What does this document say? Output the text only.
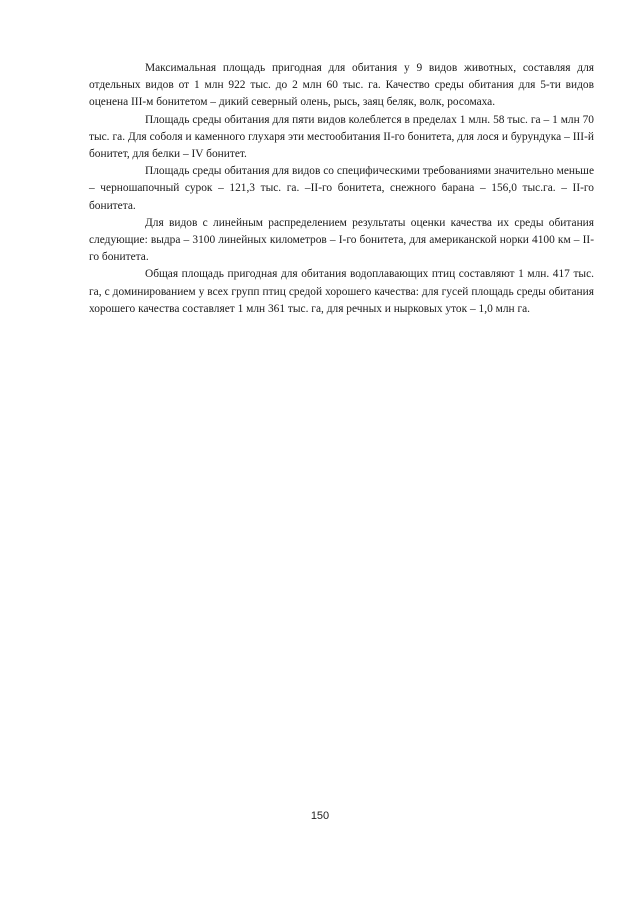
Максимальная площадь пригодная для обитания у 9 видов животных, составляя для отдельных видов от 1 млн 922 тыс. до 2 млн 60 тыс. га. Качество среды обитания для 5-ти видов оценена III-м бонитетом – дикий северный олень, рысь, заяц беляк, волк, росомаха.

Площадь среды обитания для пяти видов колеблется в пределах 1 млн. 58 тыс. га – 1 млн 70 тыс. га. Для соболя и каменного глухаря эти местообитания II-го бонитета, для лося и бурундука – III-й бонитет, для белки – IV бонитет.

Площадь среды обитания для видов со специфическими требованиями значительно меньше – черношапочный сурок – 121,3 тыс. га. –II-го бонитета, снежного барана – 156,0 тыс.га. – II-го бонитета.

Для видов с линейным распределением результаты оценки качества их среды обитания следующие: выдра – 3100 линейных километров – I-го бонитета, для американской норки 4100 км – II-го бонитета.

Общая площадь пригодная для обитания водоплавающих птиц составляют 1 млн. 417 тыс. га, с доминированием у всех групп птиц средой хорошего качества: для гусей площадь среды обитания хорошего качества составляет 1 млн 361 тыс. га, для речных и нырковых уток – 1,0 млн га.

150
